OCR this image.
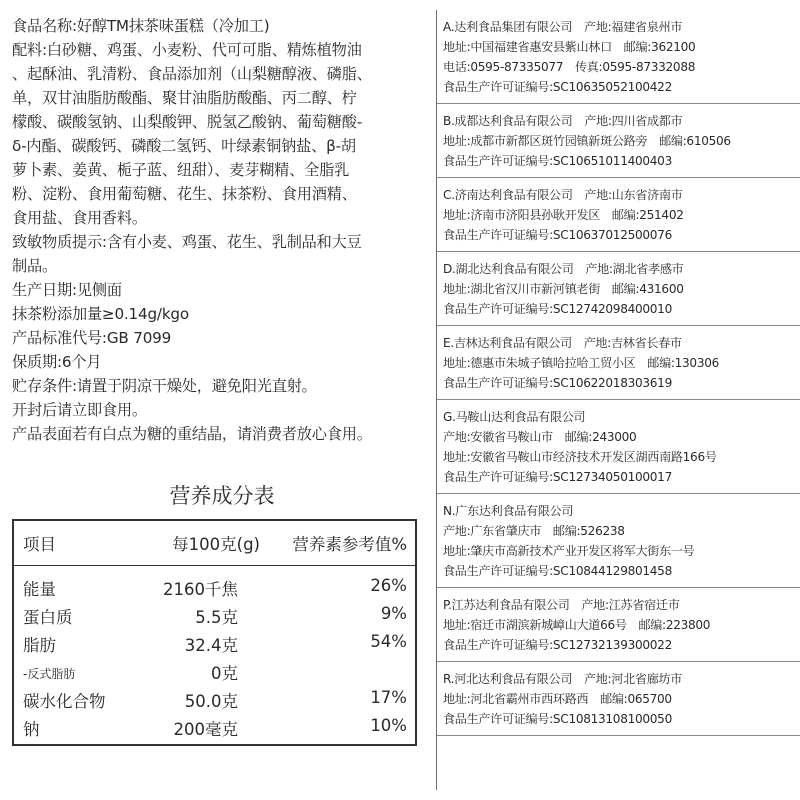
食品名称:好醇TM抹茶味蛋糕（冷加工)
配料:白砂糖、鸡蛋、小麦粉、代可可脂、精炼植物油
、起酥油、乳清粉、食品添加剂（山梨糖醇液、磷脂、
单，双甘油脂肪酸酯、聚甘油脂肪酸酯、丙二醇、柠
檬酸、碳酸氢钠、山梨酸钾、脱氢乙酸钠、葡萄糖酸-
δ-内酯、碳酸钙、磷酸二氢钙、叶绿素铜钠盐、β-胡
萝卜素、姜黄、栀子蓝、纽甜）、麦芽糊精、全脂乳
粉、淀粉、食用葡萄糖、花生、抹茶粉、食用酒精、
食用盐、食用香料。
致敏物质提示:含有小麦、鸡蛋、花生、乳制品和大豆
制品。
生产日期:见侧面
抹茶粉添加量≥0.14g/kgo
产品标准代号:GB 7099
保质期:6个月
贮存条件:请置于阴凉干燥处，避免阳光直射。
开封后请立即食用。
产品表面若有白点为糖的重结晶，请消费者放心食用。
营养成分表
项目	每100克(g) 营养素参考值%
能量	2160千焦	26%
蛋白质	5.5克	9%
脂肪	32.4克	54%
-反式脂肪	0克
碳水化合物	50.0克	17%
钠	200毫克	10%
A.达利食品集团有限公司　产地:福建省泉州市
地址:中国福建省惠安县紫山林口　邮编:362100
电话:0595-87335077　传真:0595-87332088
食品生产许可证编号:SC10635052100422
B.成都达利食品有限公司　产地:四川省成都市
地址:成都市新都区斑竹园镇新斑公路旁　邮编:610506
食品生产许可证编号:SC10651011400403
C.济南达利食品有限公司　产地:山东省济南市
地址:济南市济阳县孙耿开发区　邮编:251402
食品生产许可证编号:SC10637012500076
D.湖北达利食品有限公司　产地:湖北省孝感市
地址:湖北省汉川市新河镇老街　邮编:431600
食品生产许可证编号:SC12742098400010
E.吉林达利食品有限公司　产地:吉林省长春市
地址:德惠市朱城子镇哈拉哈工贸小区　邮编:130306
食品生产许可证编号:SC10622018303619
G.马鞍山达利食品有限公司
产地:安徽省马鞍山市　邮编:243000
地址:安徽省马鞍山市经济技术开发区湖西南路166号
食品生产许可证编号:SC12734050100017
N.广东达利食品有限公司
产地:广东省肇庆市　邮编:526238
地址:肇庆市高新技术产业开发区将军大街东一号
食品生产许可证编号:SC10844129801458
P.江苏达利食品有限公司　产地:江苏省宿迁市
地址:宿迁市湖滨新城嶂山大道66号　邮编:223800
食品生产许可证编号:SC12732139300022
R.河北达利食品有限公司　产地:河北省廊坊市
地址:河北省霸州市西环路西　邮编:065700
食品生产许可证编号:SC10813108100050
